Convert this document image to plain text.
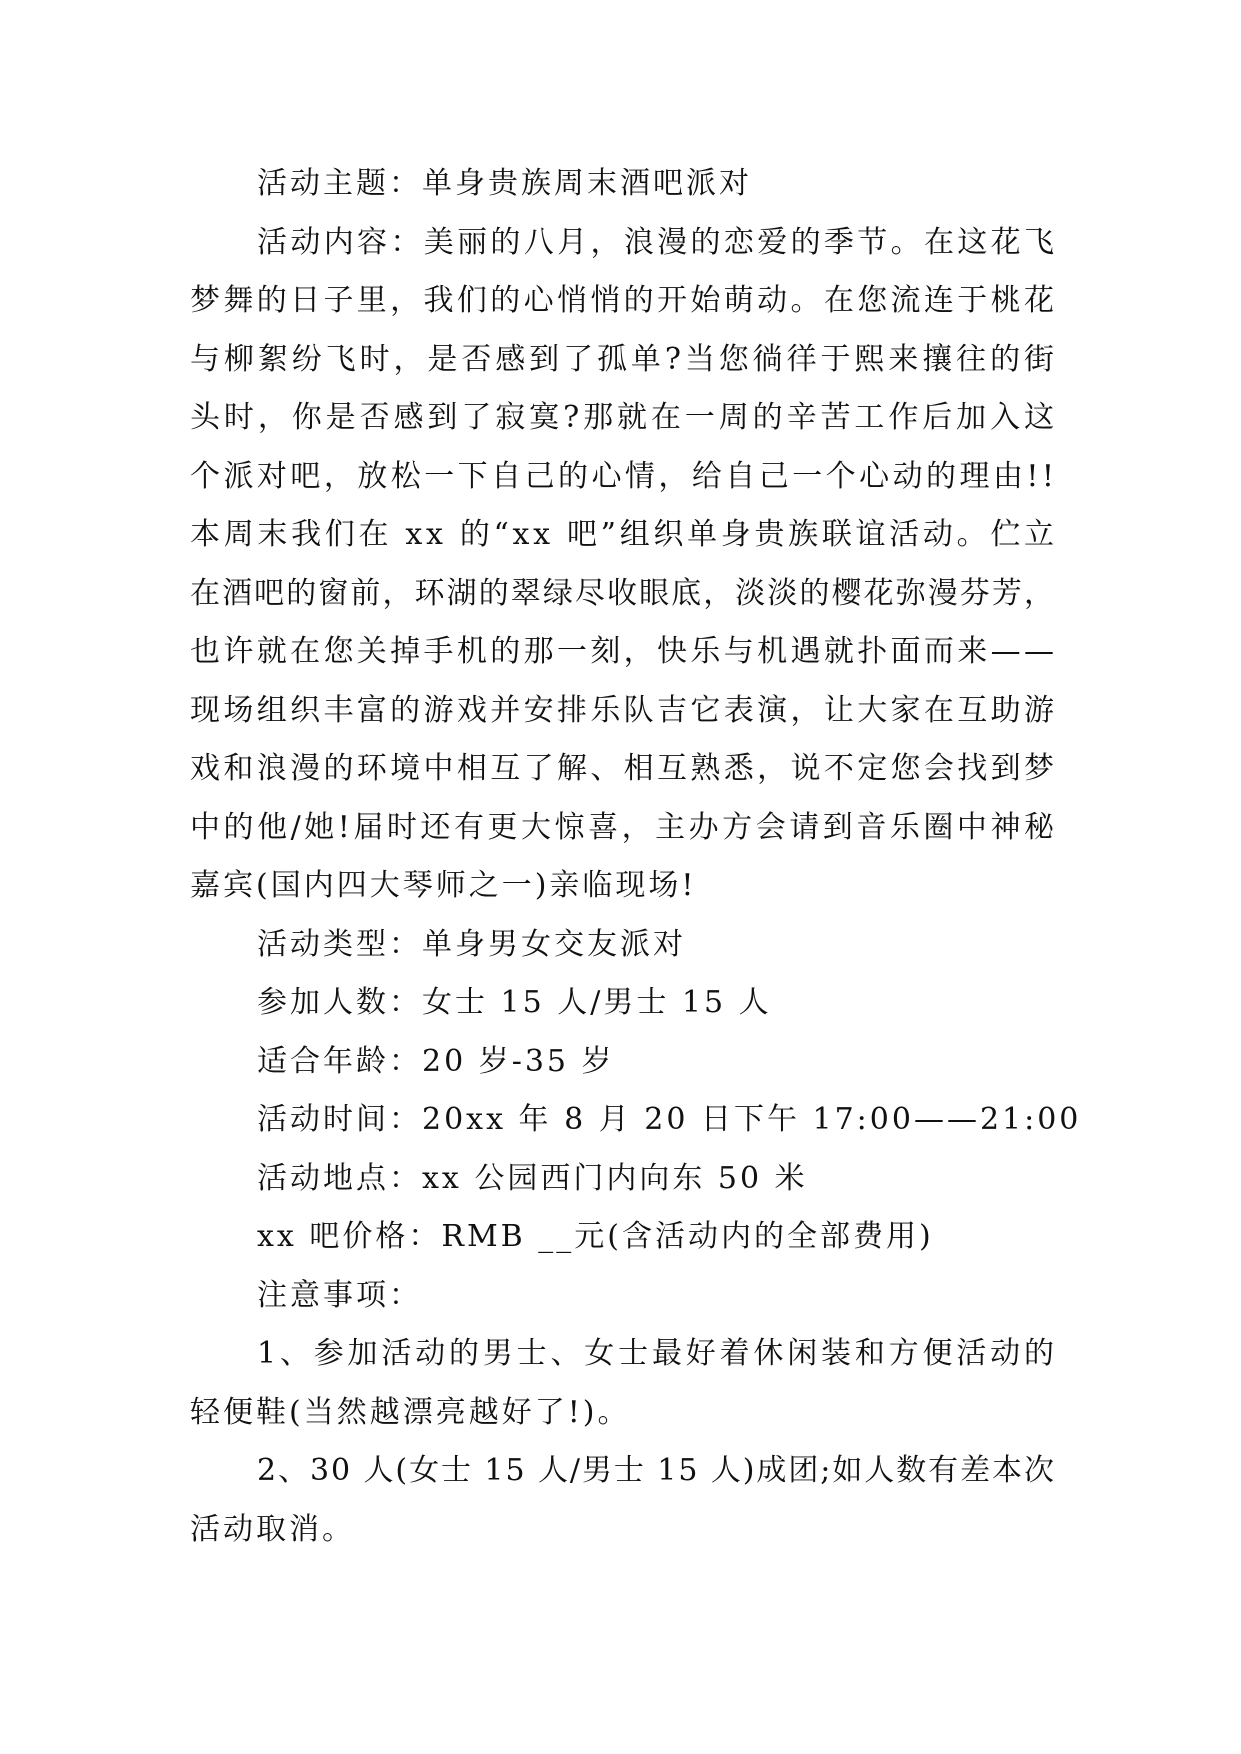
活动主题：单身贵族周末酒吧派对
活动内容：美丽的八月，浪漫的恋爱的季节。在这花飞
梦舞的日子里，我们的心悄悄的开始萌动。在您流连于桃花
与柳絮纷飞时，是否感到了孤单?当您徜徉于熙来攘往的街
头时，你是否感到了寂寞?那就在一周的辛苦工作后加入这
个派对吧，放松一下自己的心情，给自己一个心动的理由!!
本周末我们在 xx 的“xx 吧”组织单身贵族联谊活动。伫立
在酒吧的窗前，环湖的翠绿尽收眼底，淡淡的樱花弥漫芬芳，
也许就在您关掉手机的那一刻，快乐与机遇就扑面而来——
现场组织丰富的游戏并安排乐队吉它表演，让大家在互助游
戏和浪漫的环境中相互了解、相互熟悉，说不定您会找到梦
中的他/她!届时还有更大惊喜，主办方会请到音乐圈中神秘
嘉宾(国内四大琴师之一)亲临现场!
活动类型：单身男女交友派对
参加人数：女士 15 人/男士 15 人
适合年龄：20 岁-35 岁
活动时间：20xx 年 8 月 20 日下午 17:00——21:00
活动地点：xx 公园西门内向东 50 米
xx 吧价格：RMB __元(含活动内的全部费用)
注意事项：
1、参加活动的男士、女士最好着休闲装和方便活动的
轻便鞋(当然越漂亮越好了!)。
2、30 人(女士 15 人/男士 15 人)成团;如人数有差本次
活动取消。
